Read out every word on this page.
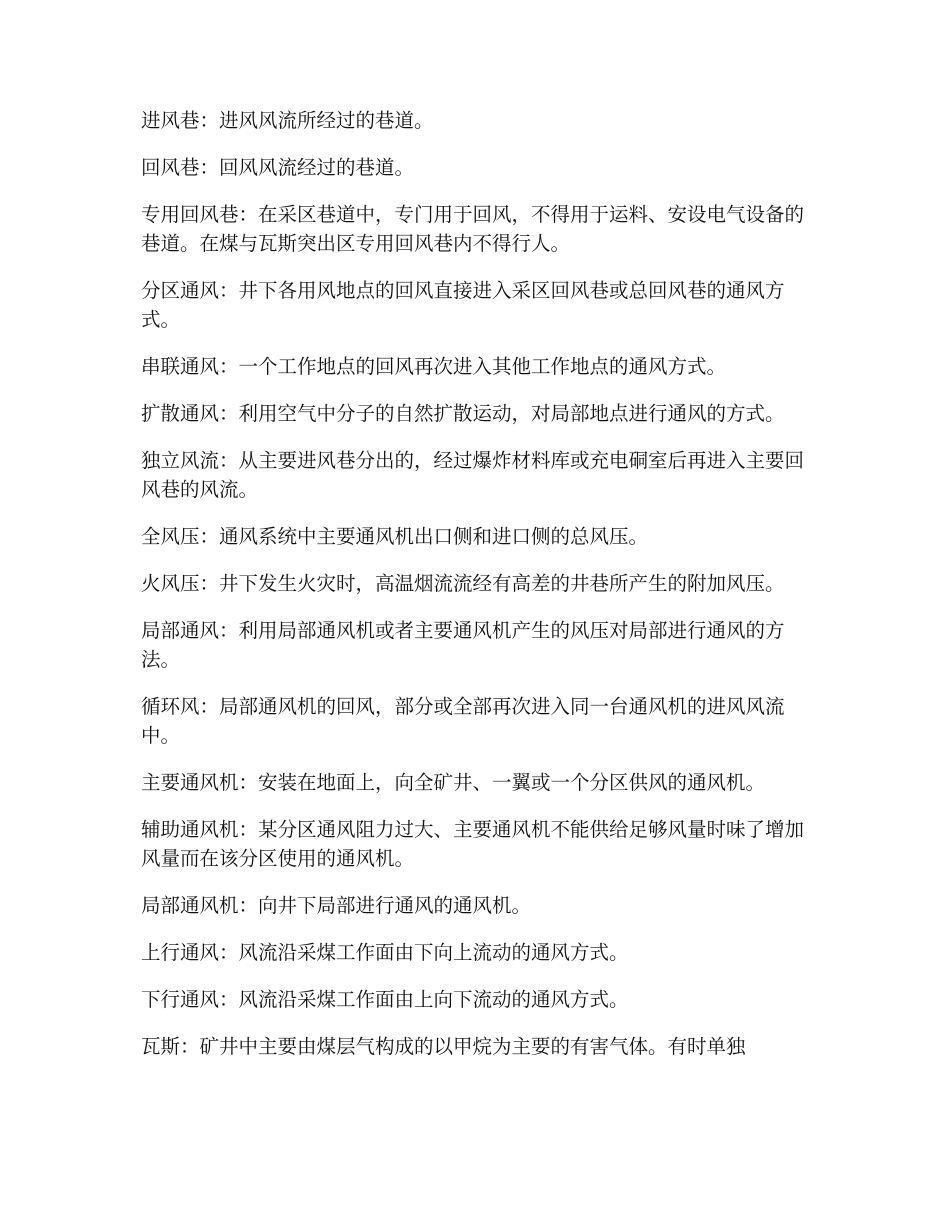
进风巷：进风风流所经过的巷道。

回风巷：回风风流经过的巷道。

专用回风巷：在采区巷道中，专门用于回风，不得用于运料、安设电气设备的巷道。在煤与瓦斯突出区专用回风巷内不得行人。

分区通风：井下各用风地点的回风直接进入采区回风巷或总回风巷的通风方式。

串联通风：一个工作地点的回风再次进入其他工作地点的通风方式。

扩散通风：利用空气中分子的自然扩散运动，对局部地点进行通风的方式。

独立风流：从主要进风巷分出的，经过爆炸材料库或充电硐室后再进入主要回风巷的风流。

全风压：通风系统中主要通风机出口侧和进口侧的总风压。

火风压：井下发生火灾时，高温烟流流经有高差的井巷所产生的附加风压。

局部通风：利用局部通风机或者主要通风机产生的风压对局部进行通风的方法。

循环风：局部通风机的回风，部分或全部再次进入同一台通风机的进风风流中。

主要通风机：安装在地面上，向全矿井、一翼或一个分区供风的通风机。

辅助通风机：某分区通风阻力过大、主要通风机不能供给足够风量时味了增加风量而在该分区使用的通风机。

局部通风机：向井下局部进行通风的通风机。

上行通风：风流沿采煤工作面由下向上流动的通风方式。

下行通风：风流沿采煤工作面由上向下流动的通风方式。

瓦斯：矿井中主要由煤层气构成的以甲烷为主要的有害气体。有时单独
